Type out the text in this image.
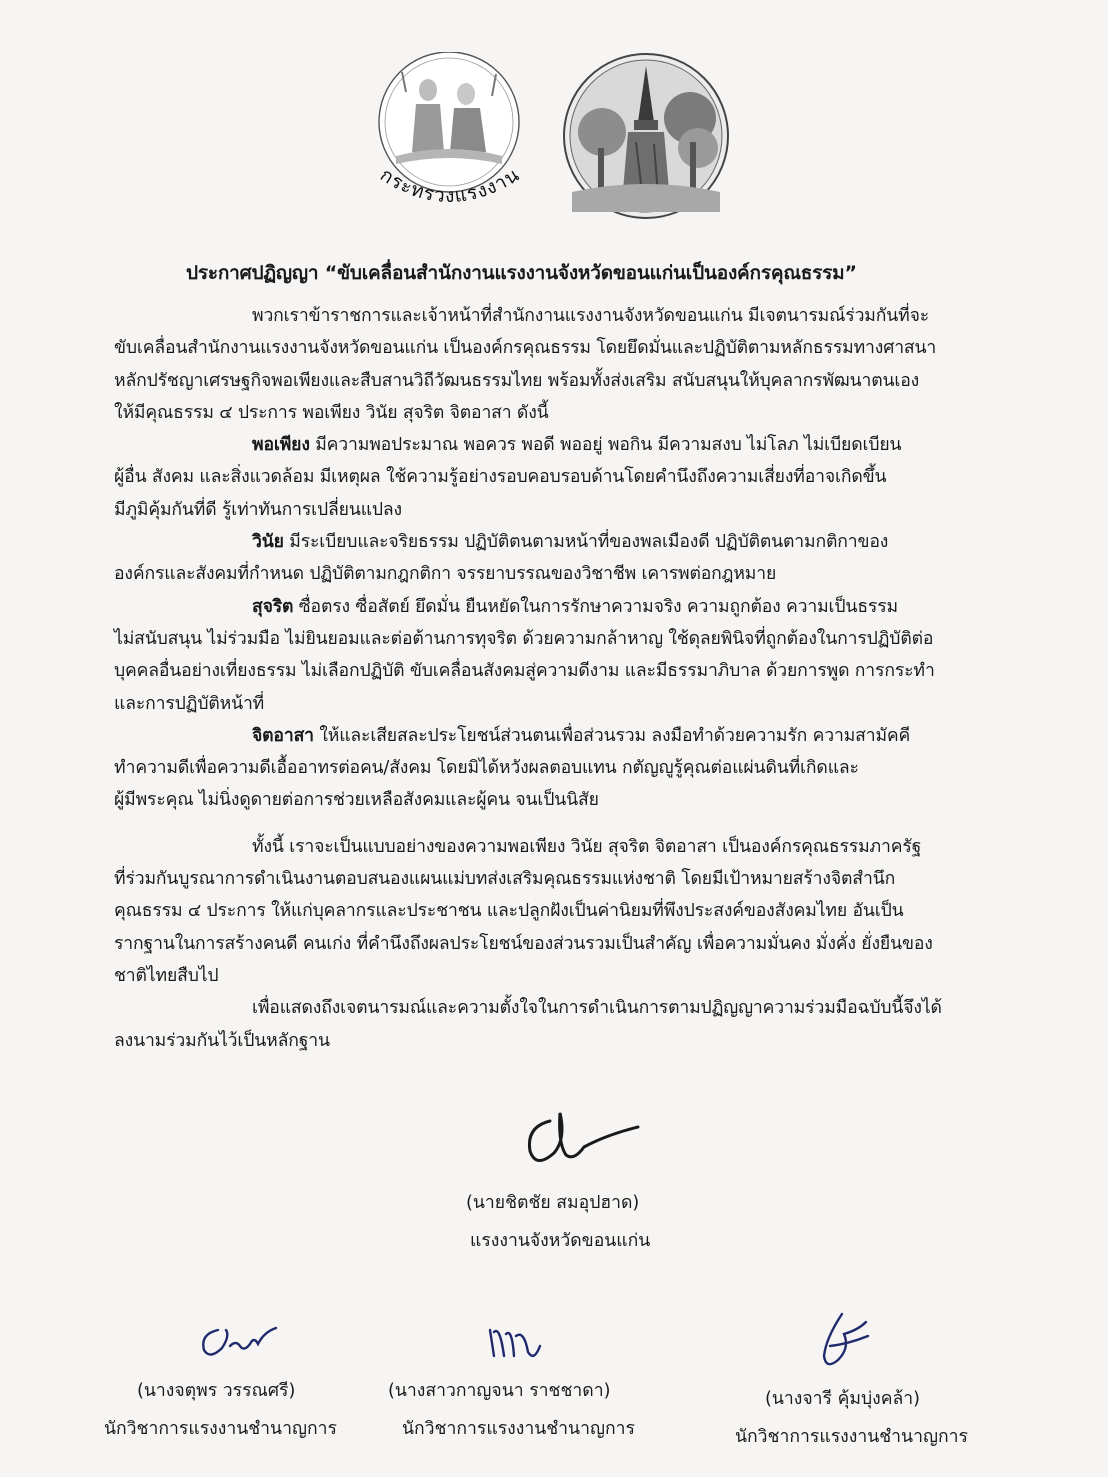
กระทรวงแรงงาน
ประกาศปฏิญญา “ขับเคลื่อนสำนักงานแรงงานจังหวัดขอนแก่นเป็นองค์กรคุณธรรม”
พวกเราข้าราชการและเจ้าหน้าที่สำนักงานแรงงานจังหวัดขอนแก่น มีเจตนารมณ์ร่วมกันที่จะ
ขับเคลื่อนสำนักงานแรงงานจังหวัดขอนแก่น เป็นองค์กรคุณธรรม โดยยึดมั่นและปฏิบัติตามหลักธรรมทางศาสนา
หลักปรัชญาเศรษฐกิจพอเพียงและสืบสานวิถีวัฒนธรรมไทย พร้อมทั้งส่งเสริม สนับสนุนให้บุคลากรพัฒนาตนเอง
ให้มีคุณธรรม ๔ ประการ พอเพียง วินัย สุจริต จิตอาสา ดังนี้
พอเพียง มีความพอประมาณ พอควร พอดี พออยู่ พอกิน มีความสงบ ไม่โลภ ไม่เบียดเบียน
ผู้อื่น สังคม และสิ่งแวดล้อม มีเหตุผล ใช้ความรู้อย่างรอบคอบรอบด้านโดยคำนึงถึงความเสี่ยงที่อาจเกิดขึ้น
มีภูมิคุ้มกันที่ดี รู้เท่าทันการเปลี่ยนแปลง
วินัย มีระเบียบและจริยธรรม ปฏิบัติตนตามหน้าที่ของพลเมืองดี ปฏิบัติตนตามกติกาของ
องค์กรและสังคมที่กำหนด ปฏิบัติตามกฎกติกา จรรยาบรรณของวิชาชีพ เคารพต่อกฎหมาย
สุจริต ซื่อตรง ซื่อสัตย์ ยึดมั่น ยืนหยัดในการรักษาความจริง ความถูกต้อง ความเป็นธรรม
ไม่สนับสนุน ไม่ร่วมมือ ไม่ยินยอมและต่อต้านการทุจริต ด้วยความกล้าหาญ ใช้ดุลยพินิจที่ถูกต้องในการปฏิบัติต่อ
บุคคลอื่นอย่างเที่ยงธรรม ไม่เลือกปฏิบัติ ขับเคลื่อนสังคมสู่ความดีงาม และมีธรรมาภิบาล ด้วยการพูด การกระทำ
และการปฏิบัติหน้าที่
จิตอาสา ให้และเสียสละประโยชน์ส่วนตนเพื่อส่วนรวม ลงมือทำด้วยความรัก ความสามัคคี
ทำความดีเพื่อความดีเอื้ออาทรต่อคน/สังคม โดยมิได้หวังผลตอบแทน กตัญญูรู้คุณต่อแผ่นดินที่เกิดและ
ผู้มีพระคุณ ไม่นิ่งดูดายต่อการช่วยเหลือสังคมและผู้คน จนเป็นนิสัย
ทั้งนี้ เราจะเป็นแบบอย่างของความพอเพียง วินัย สุจริต จิตอาสา เป็นองค์กรคุณธรรมภาครัฐ
ที่ร่วมกันบูรณาการดำเนินงานตอบสนองแผนแม่บทส่งเสริมคุณธรรมแห่งชาติ โดยมีเป้าหมายสร้างจิตสำนึก
คุณธรรม ๔ ประการ ให้แก่บุคลากรและประชาชน และปลูกฝังเป็นค่านิยมที่พึงประสงค์ของสังคมไทย อันเป็น
รากฐานในการสร้างคนดี คนเก่ง ที่คำนึงถึงผลประโยชน์ของส่วนรวมเป็นสำคัญ เพื่อความมั่นคง มั่งคั่ง ยั่งยืนของ
ชาติไทยสืบไป
เพื่อแสดงถึงเจตนารมณ์และความตั้งใจในการดำเนินการตามปฏิญญาความร่วมมือฉบับนี้จึงได้
ลงนามร่วมกันไว้เป็นหลักฐาน
(นายชิตชัย สมอุปฮาด)
แรงงานจังหวัดขอนแก่น
(นางจตุพร วรรณศรี)
นักวิชาการแรงงานชำนาญการ
(นางสาวกาญจนา ราชชาดา)
นักวิชาการแรงงานชำนาญการ
(นางจารี คุ้มบุ่งคล้า)
นักวิชาการแรงงานชำนาญการ
